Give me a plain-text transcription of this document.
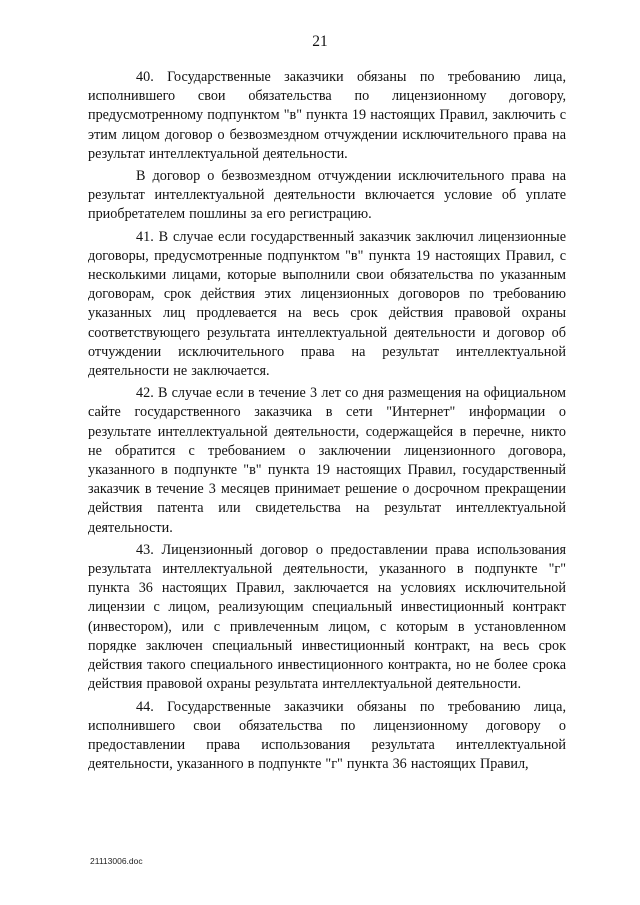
21

40. Государственные заказчики обязаны по требованию лица, исполнившего свои обязательства по лицензионному договору, предусмотренному подпунктом "в" пункта 19 настоящих Правил, заключить с этим лицом договор о безвозмездном отчуждении исключительного права на результат интеллектуальной деятельности.

В договор о безвозмездном отчуждении исключительного права на результат интеллектуальной деятельности включается условие об уплате приобретателем пошлины за его регистрацию.

41. В случае если государственный заказчик заключил лицензионные договоры, предусмотренные подпунктом "в" пункта 19 настоящих Правил, с несколькими лицами, которые выполнили свои обязательства по указанным договорам, срок действия этих лицензионных договоров по требованию указанных лиц продлевается на весь срок действия правовой охраны соответствующего результата интеллектуальной деятельности и договор об отчуждении исключительного права на результат интеллектуальной деятельности не заключается.

42. В случае если в течение 3 лет со дня размещения на официальном сайте государственного заказчика в сети "Интернет" информации о результате интеллектуальной деятельности, содержащейся в перечне, никто не обратится с требованием о заключении лицензионного договора, указанного в подпункте "в" пункта 19 настоящих Правил, государственный заказчик в течение 3 месяцев принимает решение о досрочном прекращении действия патента или свидетельства на результат интеллектуальной деятельности.

43. Лицензионный договор о предоставлении права использования результата интеллектуальной деятельности, указанного в подпункте "г" пункта 36 настоящих Правил, заключается на условиях исключительной лицензии с лицом, реализующим специальный инвестиционный контракт (инвестором), или с привлеченным лицом, с которым в установленном порядке заключен специальный инвестиционный контракт, на весь срок действия такого специального инвестиционного контракта, но не более срока действия правовой охраны результата интеллектуальной деятельности.

44. Государственные заказчики обязаны по требованию лица, исполнившего свои обязательства по лицензионному договору о предоставлении права использования результата интеллектуальной деятельности, указанного в подпункте "г" пункта 36 настоящих Правил,

21113006.doc
